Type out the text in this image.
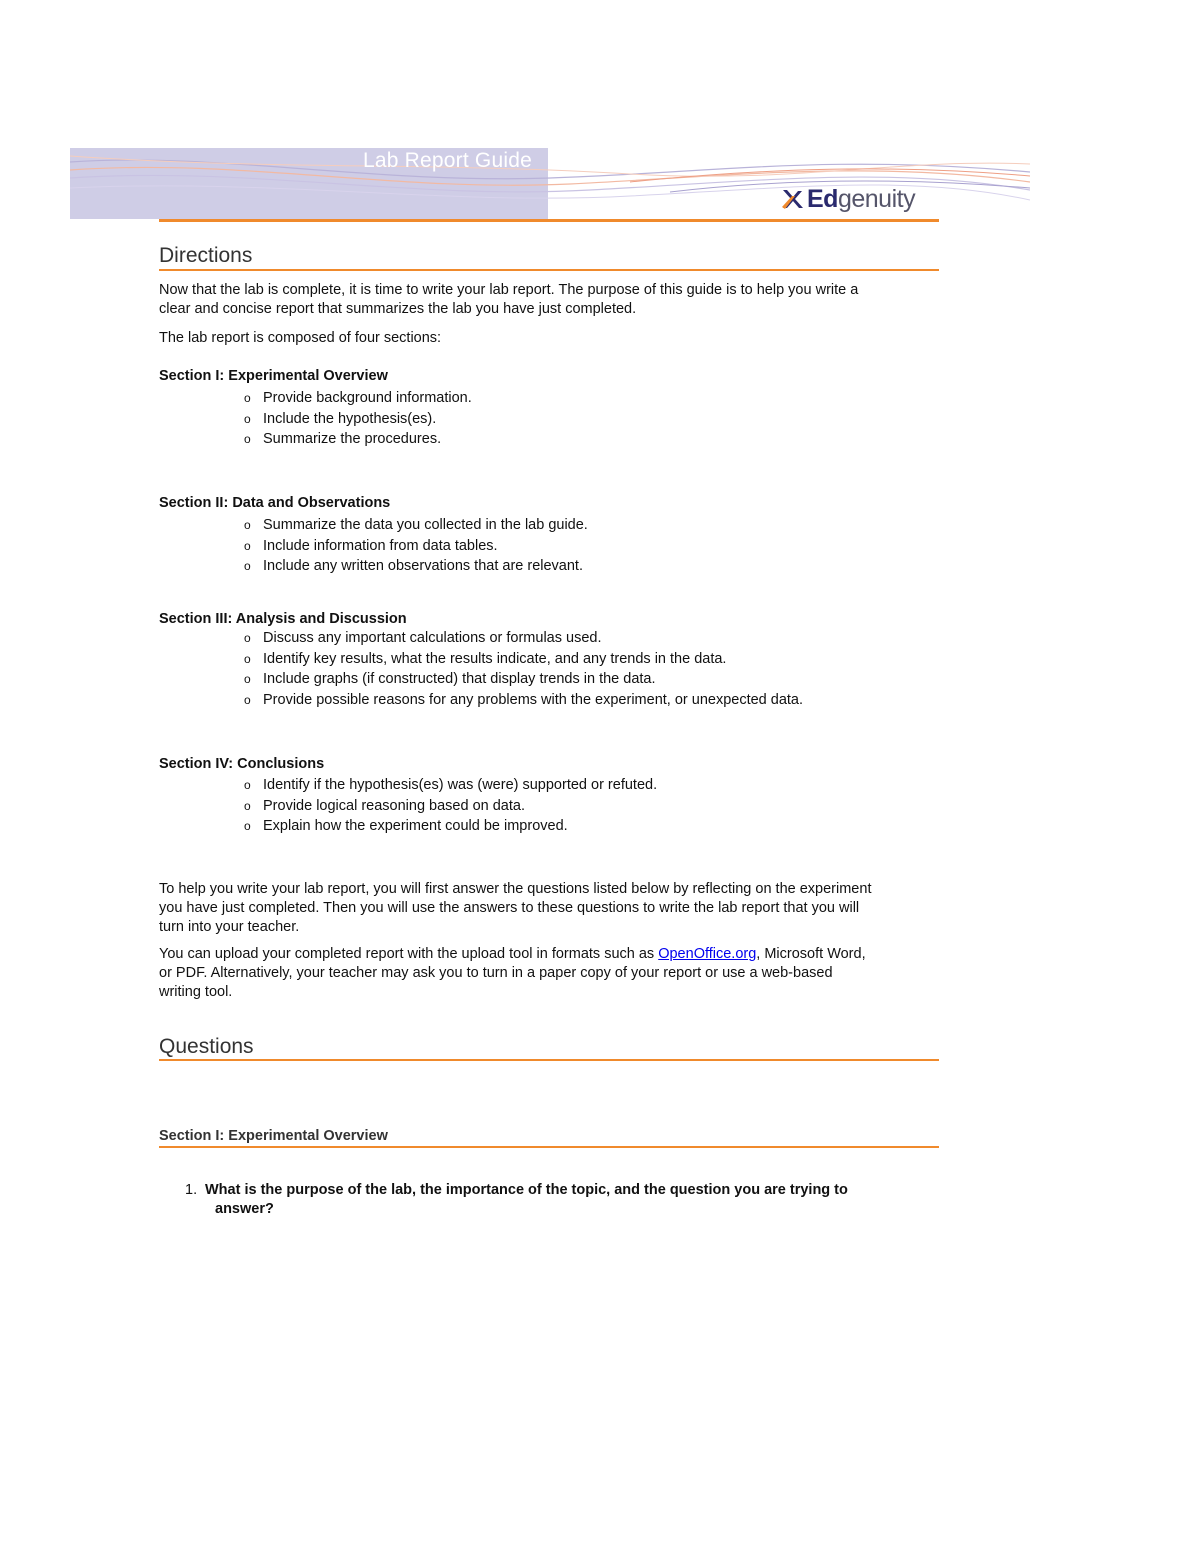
Lab Report Guide
Edgenuity
Directions
Now that the lab is complete, it is time to write your lab report. The purpose of this guide is to help you write a
clear and concise report that summarizes the lab you have just completed.
The lab report is composed of four sections:
Section I: Experimental Overview
o Provide background information.
o Include the hypothesis(es).
o Summarize the procedures.
Section II: Data and Observations
o Summarize the data you collected in the lab guide.
o Include information from data tables.
o Include any written observations that are relevant.
Section III: Analysis and Discussion
o Discuss any important calculations or formulas used.
o Identify key results, what the results indicate, and any trends in the data.
o Include graphs (if constructed) that display trends in the data.
o Provide possible reasons for any problems with the experiment, or unexpected data.
Section IV: Conclusions
o Identify if the hypothesis(es) was (were) supported or refuted.
o Provide logical reasoning based on data.
o Explain how the experiment could be improved.
To help you write your lab report, you will first answer the questions listed below by reflecting on the experiment
you have just completed. Then you will use the answers to these questions to write the lab report that you will
turn into your teacher.
You can upload your completed report with the upload tool in formats such as OpenOffice.org, Microsoft Word,
or PDF. Alternatively, your teacher may ask you to turn in a paper copy of your report or use a web-based
writing tool.
Questions
Section I: Experimental Overview
1. What is the purpose of the lab, the importance of the topic, and the question you are trying to
answer?
